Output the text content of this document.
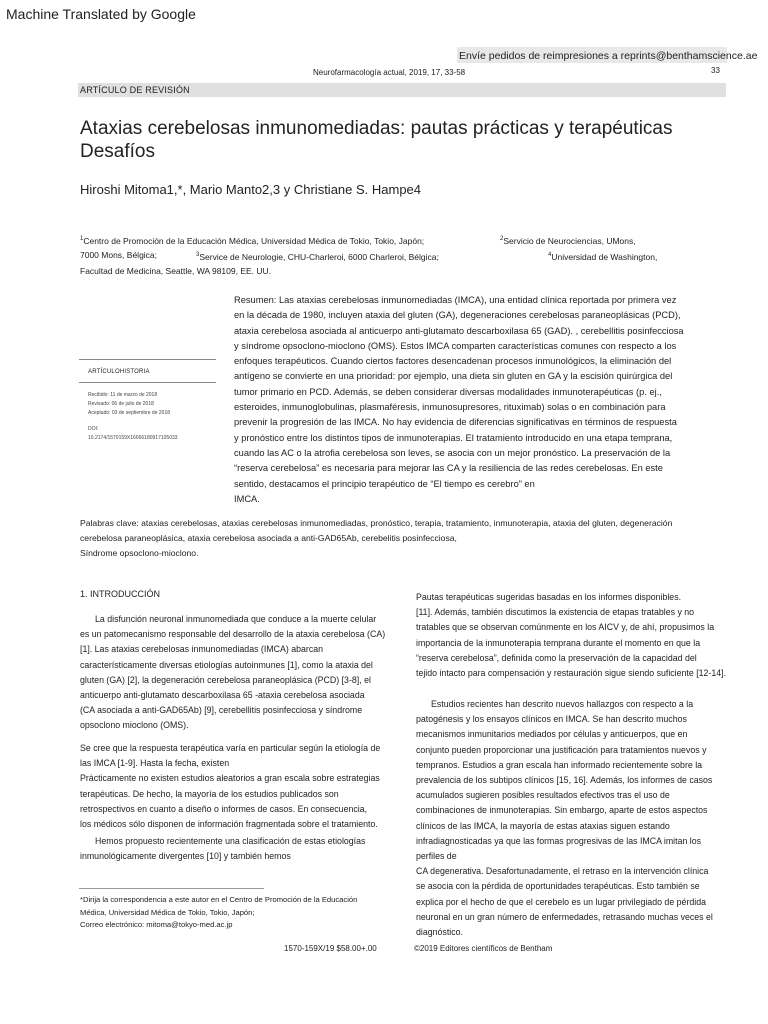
Machine Translated by Google
Envíe pedidos de reimpresiones a reprints@benthamscience.ae
Neurofarmacología actual, 2019, 17, 33-58	33
ARTÍCULO DE REVISIÓN
Ataxias cerebelosas inmunomediadas: pautas prácticas y terapéuticas
Desafíos
Hiroshi Mitoma1,*, Mario Manto2,3 y Christiane S. Hampe4
$^1$Centro de Promoción de la Educación Médica, Universidad Médica de Tokio, Tokio, Japón;	$^2$Servicio de Neurociencias, UMons,
7000 Mons, Bélgica;	$^3$Service de Neurologie, CHU-Charleroi, 6000 Charleroi, Bélgica;	$^4$Universidad de Washington,
Facultad de Medicina, Seattle, WA 98109, EE. UU.
ARTÍCULOHISTORIA
Recibido: 11 de marzo de 2018
Revisado: 06 de julio de 2018
Aceptado: 03 de septiembre de 2018
DOI:
10.2174/1570159X16666180917105033

Resumen: Las ataxias cerebelosas inmunomediadas (IMCA), una entidad clínica reportada por primera vez

en la década de 1980, incluyen ataxia del gluten (GA), degeneraciones cerebelosas paraneoplásicas (PCD),

ataxia cerebelosa asociada al anticuerpo anti-glutamato descarboxilasa 65 (GAD). , cerebellitis posinfecciosa

y síndrome opsoclono-mioclono (OMS). Estos IMCA comparten características comunes con respecto a los

enfoques terapéuticos. Cuando ciertos factores desencadenan procesos inmunológicos, la eliminación del

antígeno se convierte en una prioridad: por ejemplo, una dieta sin gluten en GA y la escisión quirúrgica del

tumor primario en PCD. Además, se deben considerar diversas modalidades inmunoterapéuticas (p. ej.,

esteroides, inmunoglobulinas, plasmaféresis, inmunosupresores, rituximab) solas o en combinación para

prevenir la progresión de las IMCA. No hay evidencia de diferencias significativas en términos de respuesta

y pronóstico entre los distintos tipos de inmunoterapias. El tratamiento introducido en una etapa temprana,

cuando las AC o la atrofia cerebelosa son leves, se asocia con un mejor pronóstico. La preservación de la

“reserva cerebelosa” es necesaria para mejorar las CA y la resiliencia de las redes cerebelosas. En este

sentido, destacamos el principio terapéutico de “El tiempo es cerebro” en

IMCA.

Palabras clave: ataxias cerebelosas, ataxias cerebelosas inmunomediadas, pronóstico, terapia, tratamiento, inmunoterapia, ataxia del gluten, degeneración

cerebelosa paraneoplásica, ataxia cerebelosa asociada a anti-GAD65Ab, cerebelitis posinfecciosa,

Síndrome opsoclono-mioclono.

1. INTRODUCCIÓN

La disfunción neuronal inmunomediada que conduce a la muerte celular

es un patomecanismo responsable del desarrollo de la ataxia cerebelosa (CA)

[1]. Las ataxias cerebelosas inmunomediadas (IMCA) abarcan

característicamente diversas etiologías autoinmunes [1], como la ataxia del

gluten (GA) [2], la degeneración cerebelosa paraneoplásica (PCD) [3-8], el

anticuerpo anti-glutamato descarboxilasa 65 -ataxia cerebelosa asociada

(CA asociada a anti-GAD65Ab) [9], cerebellitis posinfecciosa y síndrome

opsoclono mioclono (OMS).

Se cree que la respuesta terapéutica varía en particular según la etiología de

las IMCA [1-9]. Hasta la fecha, existen

Prácticamente no existen estudios aleatorios a gran escala sobre estrategias

terapéuticas. De hecho, la mayoría de los estudios publicados son

retrospectivos en cuanto a diseño o informes de casos. En consecuencia,

los médicos sólo disponen de información fragmentada sobre el tratamiento.

Hemos propuesto recientemente una clasificación de estas etiologías

inmunológicamente divergentes [10] y también hemos

*Dirija la correspondencia a este autor en el Centro de Promoción de la Educación

Médica, Universidad Médica de Tokio, Tokio, Japón;

Correo electrónico: mitoma@tokyo-med.ac.jp

Pautas terapéuticas sugeridas basadas en los informes disponibles.

[11]. Además, también discutimos la existencia de etapas tratables y no

tratables que se observan comúnmente en los AICV y, de ahí, propusimos la

importancia de la inmunoterapia temprana durante el momento en que la

“reserva cerebelosa”, definida como la preservación de la capacidad del

tejido intacto para compensación y restauración sigue siendo suficiente [12-14].

Estudios recientes han descrito nuevos hallazgos con respecto a la

patogénesis y los ensayos clínicos en IMCA. Se han descrito muchos

mecanismos inmunitarios mediados por células y anticuerpos, que en

conjunto pueden proporcionar una justificación para tratamientos nuevos y

tempranos. Estudios a gran escala han informado recientemente sobre la

prevalencia de los subtipos clínicos [15, 16]. Además, los informes de casos

acumulados sugieren posibles resultados efectivos tras el uso de

combinaciones de inmunoterapias. Sin embargo, aparte de estos aspectos

clínicos de las IMCA, la mayoría de estas ataxias siguen estando

infradiagnosticadas ya que las formas progresivas de las IMCA imitan los

perfiles de

CA degenerativa. Desafortunadamente, el retraso en la intervención clínica

se asocia con la pérdida de oportunidades terapéuticas. Esto también se

explica por el hecho de que el cerebelo es un lugar privilegiado de pérdida

neuronal en un gran número de enfermedades, retrasando muchas veces el

diagnóstico.

1570-159X/19 $58.00+.00	©2019 Editores científicos de Bentham
